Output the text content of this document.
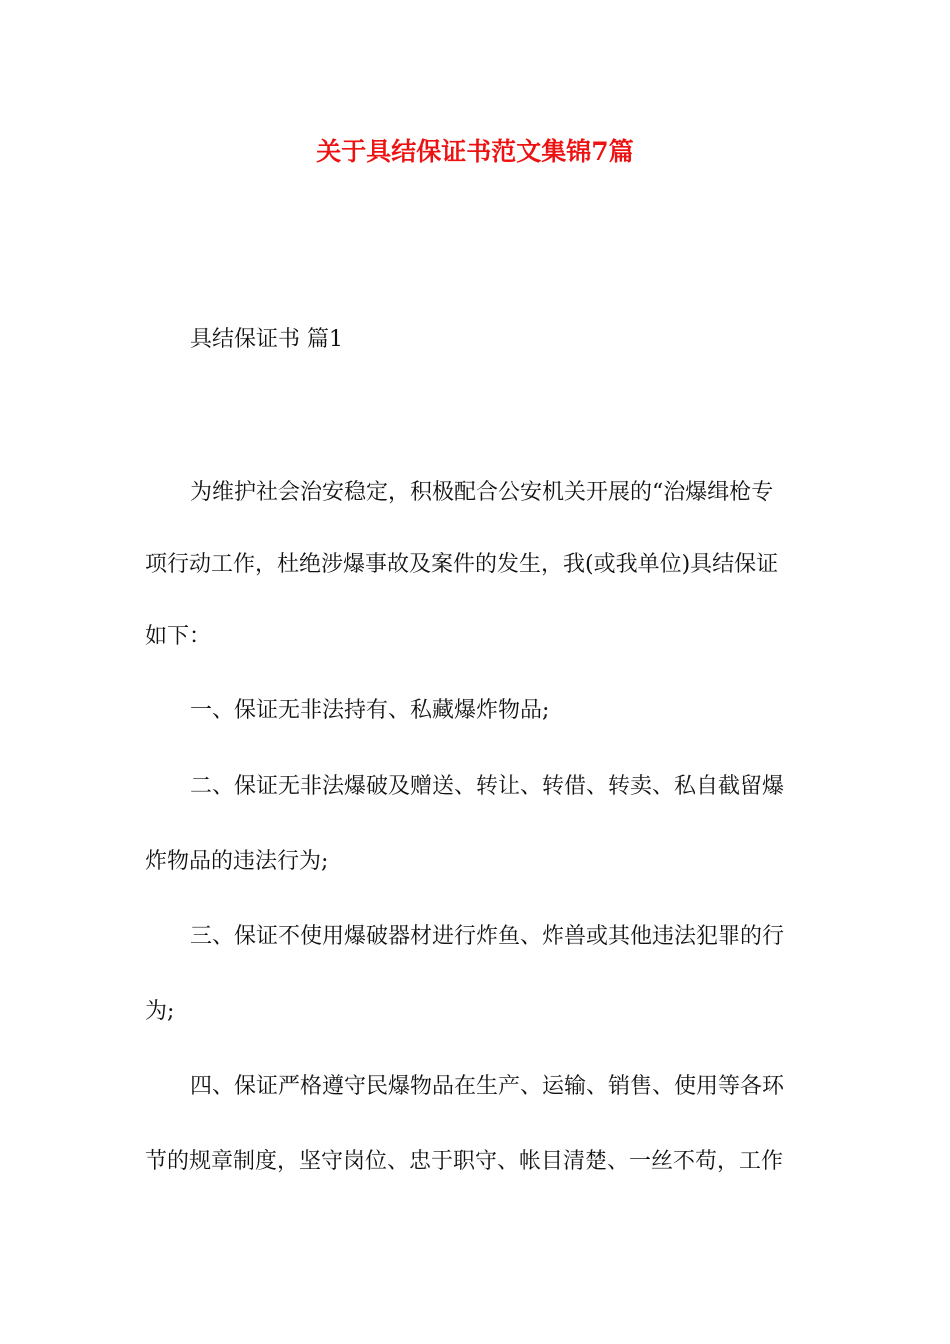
关于具结保证书范文集锦7篇

具结保证书 篇1

为维护社会治安稳定，积极配合公安机关开展的“治爆缉枪专

项行动工作，杜绝涉爆事故及案件的发生，我(或我单位)具结保证

如下：

一、保证无非法持有、私藏爆炸物品;

二、保证无非法爆破及赠送、转让、转借、转卖、私自截留爆

炸物品的违法行为;

三、保证不使用爆破器材进行炸鱼、炸兽或其他违法犯罪的行

为;

四、保证严格遵守民爆物品在生产、运输、销售、使用等各环

节的规章制度，坚守岗位、忠于职守、帐目清楚、一丝不苟，工作
